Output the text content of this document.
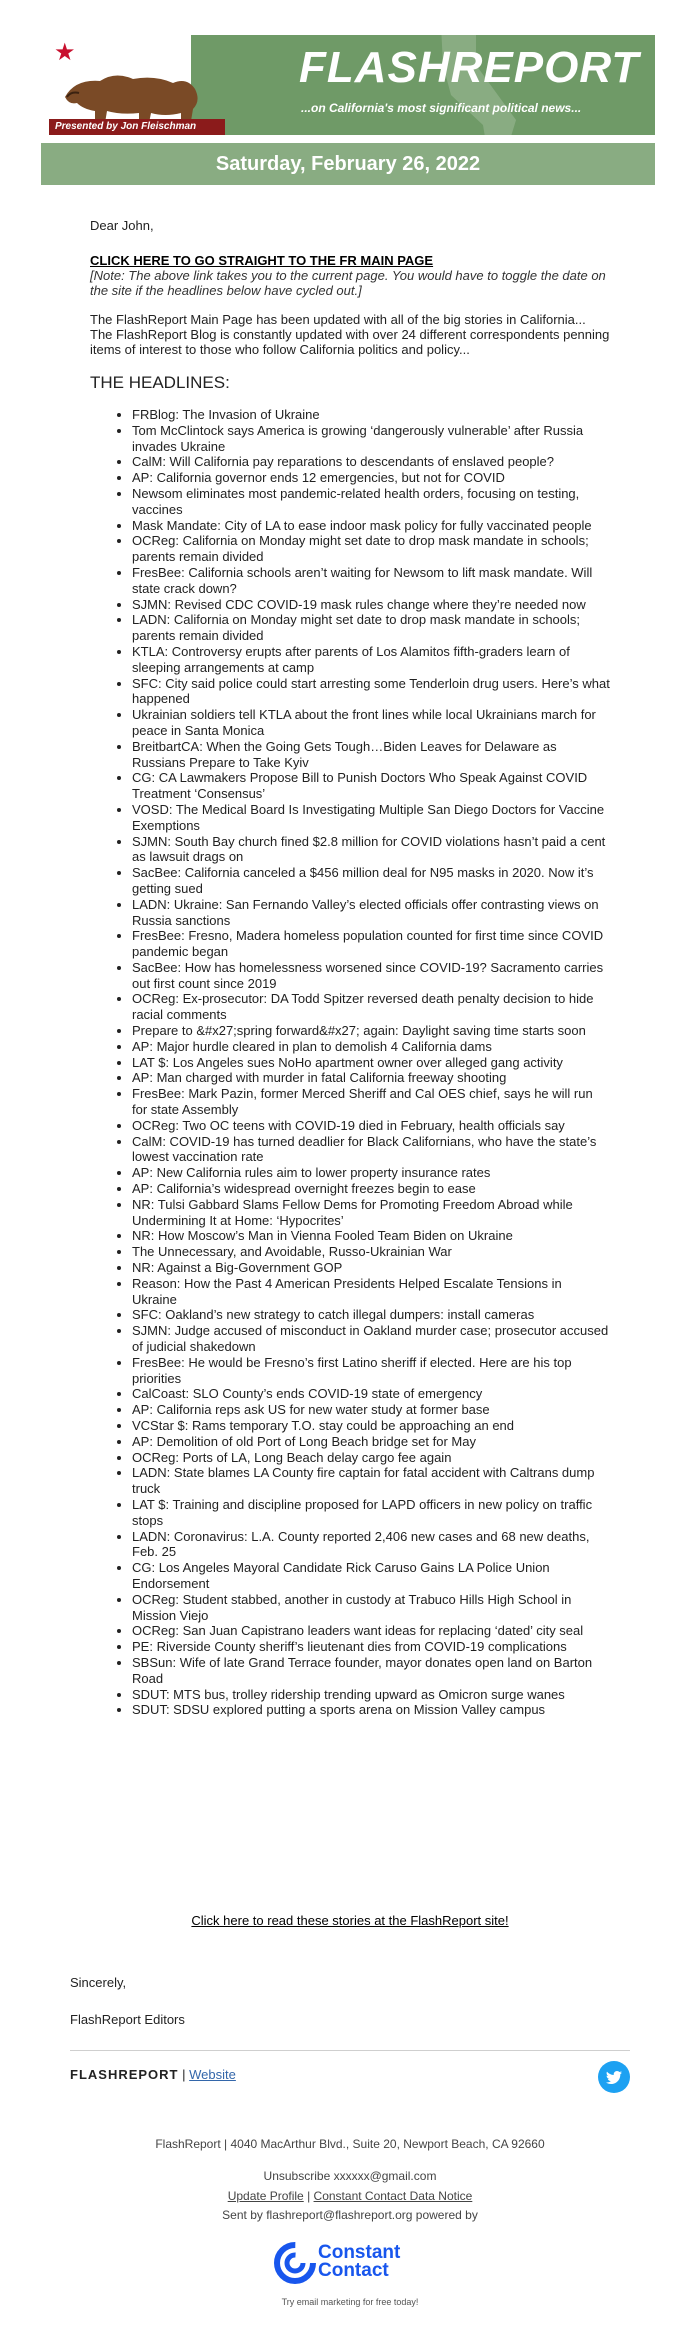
★
Presented by Jon Fleischman
FLASHREPORT
...on California's most significant political news...
Saturday, February 26, 2022
Dear John,
CLICK HERE TO GO STRAIGHT TO THE FR MAIN PAGE
[Note: The above link takes you to the current page. You would have to toggle the date on the site if the headlines below have cycled out.]
The FlashReport Main Page has been updated with all of the big stories in California...
The FlashReport Blog is constantly updated with over 24 different correspondents penning items of interest to those who follow California politics and policy...
THE HEADLINES:
• FRBlog: The Invasion of Ukraine
• Tom McClintock says America is growing ‘dangerously vulnerable’ after Russia invades Ukraine
• CalM: Will California pay reparations to descendants of enslaved people?
• AP: California governor ends 12 emergencies, but not for COVID
• Newsom eliminates most pandemic-related health orders, focusing on testing, vaccines
• Mask Mandate: City of LA to ease indoor mask policy for fully vaccinated people
• OCReg: California on Monday might set date to drop mask mandate in schools; parents remain divided
• FresBee: California schools aren’t waiting for Newsom to lift mask mandate. Will state crack down?
• SJMN: Revised CDC COVID-19 mask rules change where they’re needed now
• LADN: California on Monday might set date to drop mask mandate in schools; parents remain divided
• KTLA: Controversy erupts after parents of Los Alamitos fifth-graders learn of sleeping arrangements at camp
• SFC: City said police could start arresting some Tenderloin drug users. Here’s what happened
• Ukrainian soldiers tell KTLA about the front lines while local Ukrainians march for peace in Santa Monica
• BreitbartCA: When the Going Gets Tough…Biden Leaves for Delaware as Russians Prepare to Take Kyiv
• CG: CA Lawmakers Propose Bill to Punish Doctors Who Speak Against COVID Treatment ‘Consensus’
• VOSD: The Medical Board Is Investigating Multiple San Diego Doctors for Vaccine Exemptions
• SJMN: South Bay church fined $2.8 million for COVID violations hasn’t paid a cent as lawsuit drags on
• SacBee: California canceled a $456 million deal for N95 masks in 2020. Now it’s getting sued
• LADN: Ukraine: San Fernando Valley’s elected officials offer contrasting views on Russia sanctions
• FresBee: Fresno, Madera homeless population counted for first time since COVID pandemic began
• SacBee: How has homelessness worsened since COVID-19? Sacramento carries out first count since 2019
• OCReg: Ex-prosecutor: DA Todd Spitzer reversed death penalty decision to hide racial comments
• Prepare to &#x27;spring forward&#x27; again: Daylight saving time starts soon
• AP: Major hurdle cleared in plan to demolish 4 California dams
• LAT $: Los Angeles sues NoHo apartment owner over alleged gang activity
• AP: Man charged with murder in fatal California freeway shooting
• FresBee: Mark Pazin, former Merced Sheriff and Cal OES chief, says he will run for state Assembly
• OCReg: Two OC teens with COVID-19 died in February, health officials say
• CalM: COVID-19 has turned deadlier for Black Californians, who have the state’s lowest vaccination rate
• AP: New California rules aim to lower property insurance rates
• AP: California’s widespread overnight freezes begin to ease
• NR: Tulsi Gabbard Slams Fellow Dems for Promoting Freedom Abroad while Undermining It at Home: ‘Hypocrites’
• NR: How Moscow’s Man in Vienna Fooled Team Biden on Ukraine
• The Unnecessary, and Avoidable, Russo-Ukrainian War
• NR: Against a Big-Government GOP
• Reason: How the Past 4 American Presidents Helped Escalate Tensions in Ukraine
• SFC: Oakland’s new strategy to catch illegal dumpers: install cameras
• SJMN: Judge accused of misconduct in Oakland murder case; prosecutor accused of judicial shakedown
• FresBee: He would be Fresno’s first Latino sheriff if elected. Here are his top priorities
• CalCoast: SLO County’s ends COVID-19 state of emergency
• AP: California reps ask US for new water study at former base
• VCStar $: Rams temporary T.O. stay could be approaching an end
• AP: Demolition of old Port of Long Beach bridge set for May
• OCReg: Ports of LA, Long Beach delay cargo fee again
• LADN: State blames LA County fire captain for fatal accident with Caltrans dump truck
• LAT $: Training and discipline proposed for LAPD officers in new policy on traffic stops
• LADN: Coronavirus: L.A. County reported 2,406 new cases and 68 new deaths, Feb. 25
• CG: Los Angeles Mayoral Candidate Rick Caruso Gains LA Police Union Endorsement
• OCReg: Student stabbed, another in custody at Trabuco Hills High School in Mission Viejo
• OCReg: San Juan Capistrano leaders want ideas for replacing ‘dated’ city seal
• PE: Riverside County sheriff’s lieutenant dies from COVID-19 complications
• SBSun: Wife of late Grand Terrace founder, mayor donates open land on Barton Road
• SDUT: MTS bus, trolley ridership trending upward as Omicron surge wanes
• SDUT: SDSU explored putting a sports arena on Mission Valley campus
Click here to read these stories at the FlashReport site!
Sincerely,
FlashReport Editors
FLASHREPORT | Website
FlashReport | 4040 MacArthur Blvd., Suite 20, Newport Beach, CA 92660
Unsubscribe xxxxxx@gmail.com
Update Profile | Constant Contact Data Notice
Sent by flashreport@flashreport.org powered by
Constant
Contact
Try email marketing for free today!
